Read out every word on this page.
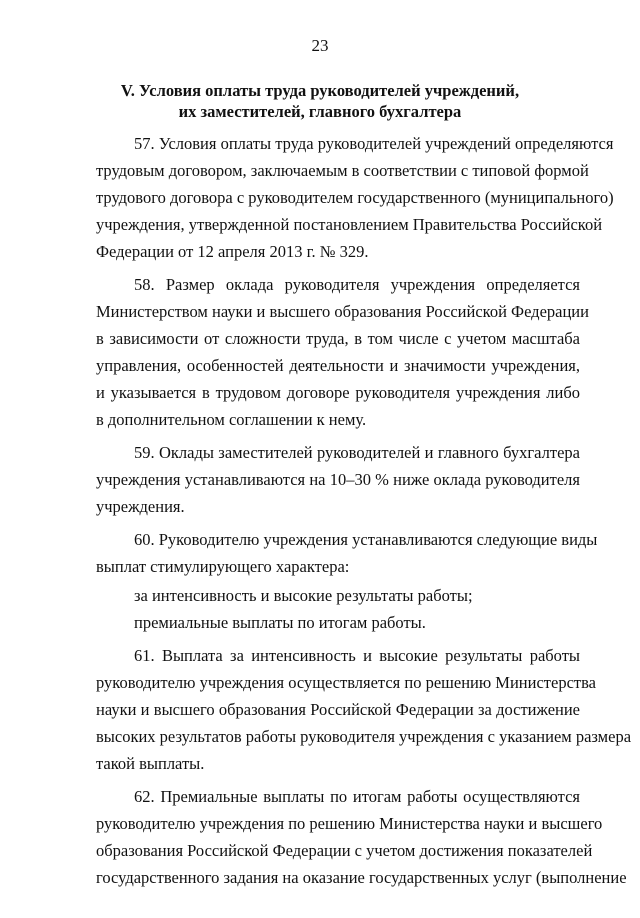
23
V. Условия оплаты труда руководителей учреждений,
их заместителей, главного бухгалтера
57. Условия оплаты труда руководителей учреждений определяются
трудовым договором, заключаемым в соответствии с типовой формой
трудового договора с руководителем государственного (муниципального)
учреждения, утвержденной постановлением Правительства Российской
Федерации от 12 апреля 2013 г. № 329.
58. Размер оклада руководителя учреждения определяется
Министерством науки и высшего образования Российской Федерации
в зависимости от сложности труда, в том числе с учетом масштаба
управления, особенностей деятельности и значимости учреждения,
и указывается в трудовом договоре руководителя учреждения либо
в дополнительном соглашении к нему.
59. Оклады заместителей руководителей и главного бухгалтера
учреждения устанавливаются на 10–30 % ниже оклада руководителя
учреждения.
60. Руководителю учреждения устанавливаются следующие виды
выплат стимулирующего характера:
за интенсивность и высокие результаты работы;
премиальные выплаты по итогам работы.
61. Выплата за интенсивность и высокие результаты работы
руководителю учреждения осуществляется по решению Министерства
науки и высшего образования Российской Федерации за достижение
высоких результатов работы руководителя учреждения с указанием размера
такой выплаты.
62. Премиальные выплаты по итогам работы осуществляются
руководителю учреждения по решению Министерства науки и высшего
образования Российской Федерации с учетом достижения показателей
государственного задания на оказание государственных услуг (выполнение
